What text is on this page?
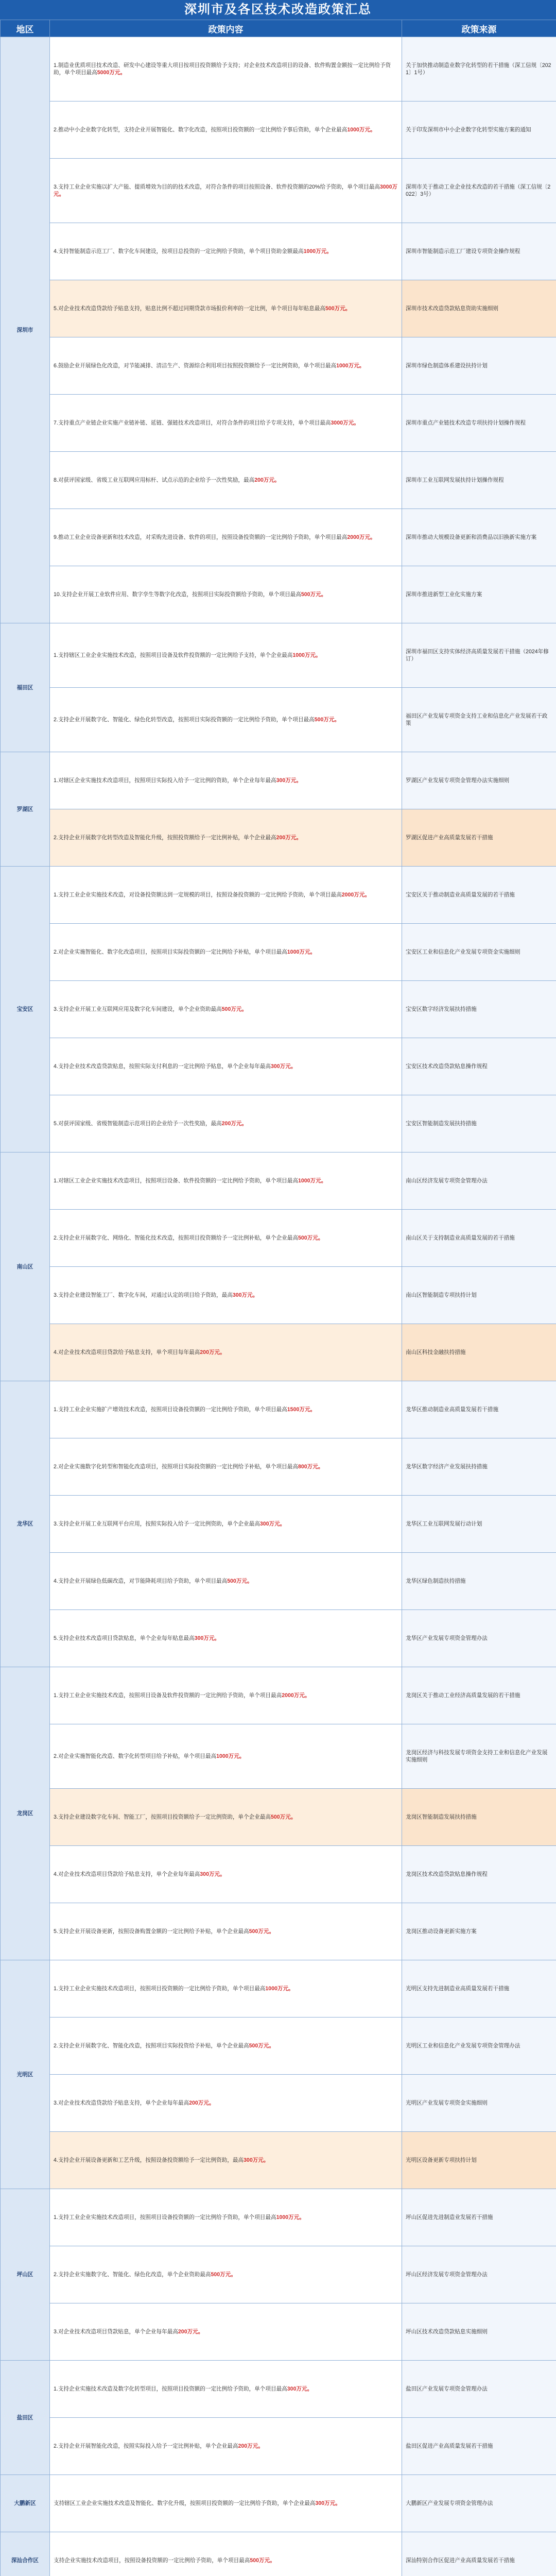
深圳市及各区技术改造政策汇总
地区	政策内容	政策来源
深圳市	1.制造业优质项目技术改造、研发中心建设等重大项目按项目投资额给予支持；对企业技术改造项目的设备、软件购置金额按一定比例给予资助，单个项目最高5000万元。	关于加快推动制造业数字化转型的若干措施（深工信规〔2021〕1号）
	2.推动中小企业数字化转型，支持企业开展智能化、数字化改造，按照项目投资额的一定比例给予事后资助，单个企业最高1000万元。	关于印发深圳市中小企业数字化转型实施方案的通知
	3.支持工业企业实施以扩大产能、提质增效为目的的技术改造，对符合条件的项目按照设备、软件投资额的20%给予资助，单个项目最高3000万元。	深圳市关于推动工业企业技术改造的若干措施（深工信规〔2022〕3号）
	4.支持智能制造示范工厂、数字化车间建设，按项目总投资的一定比例给予资助，单个项目资助金额最高1000万元。	深圳市智能制造示范工厂建设专项资金操作规程
	5.对企业技术改造贷款给予贴息支持，贴息比例不超过同期贷款市场报价利率的一定比例，单个项目每年贴息最高500万元。	深圳市技术改造贷款贴息资助实施细则
	6.鼓励企业开展绿色化改造，对节能减排、清洁生产、资源综合利用项目按照投资额给予一定比例资助，单个项目最高1000万元。	深圳市绿色制造体系建设扶持计划
	7.支持重点产业链企业实施产业链补链、延链、强链技术改造项目，对符合条件的项目给予专项支持，单个项目最高3000万元。	深圳市重点产业链技术改造专项扶持计划操作规程
	8.对获评国家级、省级工业互联网应用标杆、试点示范的企业给予一次性奖励，最高200万元。	深圳市工业互联网发展扶持计划操作规程
	9.推动工业企业设备更新和技术改造，对采购先进设备、软件的项目，按照设备投资额的一定比例给予资助，单个项目最高2000万元。	深圳市推动大规模设备更新和消费品以旧换新实施方案
	10.支持企业开展工业软件应用、数字孪生等数字化改造，按照项目实际投资额给予资助，单个项目最高500万元。	深圳市推进新型工业化实施方案
福田区	1.支持辖区工业企业实施技术改造，按照项目设备及软件投资额的一定比例给予支持，单个企业最高1000万元。	深圳市福田区支持实体经济高质量发展若干措施（2024年修订）
	2.支持企业开展数字化、智能化、绿色化转型改造，按照项目实际投资额的一定比例给予资助，单个项目最高500万元。	福田区产业发展专项资金支持工业和信息化产业发展若干政策
罗湖区	1.对辖区企业实施技术改造项目，按照项目实际投入给予一定比例的资助，单个企业每年最高300万元。	罗湖区产业发展专项资金管理办法实施细则
	2.支持企业开展数字化转型改造及智能化升级，按照投资额给予一定比例补贴，单个企业最高200万元。	罗湖区促进产业高质量发展若干措施
宝安区	1.支持工业企业实施技术改造，对设备投资额达到一定规模的项目，按照设备投资额的一定比例给予资助，单个项目最高2000万元。	宝安区关于推动制造业高质量发展的若干措施
	2.对企业实施智能化、数字化改造项目，按照项目实际投资额的一定比例给予补贴，单个项目最高1000万元。	宝安区工业和信息化产业发展专项资金实施细则
	3.支持企业开展工业互联网应用及数字化车间建设，单个企业资助最高500万元。	宝安区数字经济发展扶持措施
	4.支持企业技术改造贷款贴息，按照实际支付利息的一定比例给予贴息，单个企业每年最高300万元。	宝安区技术改造贷款贴息操作规程
	5.对获评国家级、省级智能制造示范项目的企业给予一次性奖励，最高200万元。	宝安区智能制造发展扶持措施
南山区	1.对辖区工业企业实施技术改造项目，按照项目设备、软件投资额的一定比例给予资助，单个项目最高1000万元。	南山区经济发展专项资金管理办法
	2.支持企业开展数字化、网络化、智能化技术改造，按照项目投资额给予一定比例补贴，单个企业最高500万元。	南山区关于支持制造业高质量发展的若干措施
	3.支持企业建设智能工厂、数字化车间，对通过认定的项目给予资助，最高300万元。	南山区智能制造专项扶持计划
	4.对企业技术改造项目贷款给予贴息支持，单个项目每年最高200万元。	南山区科技金融扶持措施
龙华区	1.支持工业企业实施扩产增效技术改造，按照项目设备投资额的一定比例给予资助，单个项目最高1500万元。	龙华区推动制造业高质量发展若干措施
	2.对企业实施数字化转型和智能化改造项目，按照项目实际投资额的一定比例给予补贴，单个项目最高800万元。	龙华区数字经济产业发展扶持措施
	3.支持企业开展工业互联网平台应用，按照实际投入给予一定比例资助，单个企业最高300万元。	龙华区工业互联网发展行动计划
	4.支持企业开展绿色低碳改造，对节能降耗项目给予资助，单个项目最高500万元。	龙华区绿色制造扶持措施
	5.支持企业技术改造项目贷款贴息，单个企业每年贴息最高300万元。	龙华区产业发展专项资金管理办法
龙岗区	1.支持工业企业实施技术改造，按照项目设备及软件投资额的一定比例给予资助，单个项目最高2000万元。	龙岗区关于推动工业经济高质量发展的若干措施
	2.对企业实施智能化改造、数字化转型项目给予补贴，单个项目最高1000万元。	龙岗区经济与科技发展专项资金支持工业和信息化产业发展实施细则
	3.支持企业建设数字化车间、智能工厂，按照项目投资额给予一定比例资助，单个企业最高500万元。	龙岗区智能制造发展扶持措施
	4.对企业技术改造项目贷款给予贴息支持，单个企业每年最高300万元。	龙岗区技术改造贷款贴息操作规程
	5.支持企业开展设备更新，按照设备购置金额的一定比例给予补贴，单个企业最高500万元。	龙岗区推动设备更新实施方案
光明区	1.支持工业企业实施技术改造项目，按照项目投资额的一定比例给予资助，单个项目最高1000万元。	光明区支持先进制造业高质量发展若干措施
	2.支持企业开展数字化、智能化改造，按照项目实际投资给予补贴，单个企业最高500万元。	光明区工业和信息化产业发展专项资金管理办法
	3.对企业技术改造贷款给予贴息支持，单个企业每年最高200万元。	光明区产业发展专项资金实施细则
	4.支持企业开展设备更新和工艺升级，按照设备投资额给予一定比例资助，最高300万元。	光明区设备更新专项扶持计划
坪山区	1.支持工业企业实施技术改造项目，按照项目设备投资额的一定比例给予资助，单个项目最高1000万元。	坪山区促进先进制造业发展若干措施
	2.支持企业实施数字化、智能化、绿色化改造，单个企业资助最高500万元。	坪山区经济发展专项资金管理办法
	3.对企业技术改造项目贷款贴息，单个企业每年最高200万元。	坪山区技术改造贷款贴息实施细则
盐田区	1.支持企业实施技术改造及数字化转型项目，按照项目投资额的一定比例给予资助，单个项目最高300万元。	盐田区产业发展专项资金管理办法
	2.支持企业开展智能化改造，按照实际投入给予一定比例补贴，单个企业最高200万元。	盐田区促进产业高质量发展若干措施
大鹏新区	支持辖区工业企业实施技术改造及智能化、数字化升级，按照项目投资额的一定比例给予资助，单个企业最高300万元。	大鹏新区产业发展专项资金管理办法
深汕合作区	支持企业实施技术改造项目，按照设备投资额的一定比例给予资助，单个项目最高500万元。	深汕特别合作区促进产业高质量发展若干措施
